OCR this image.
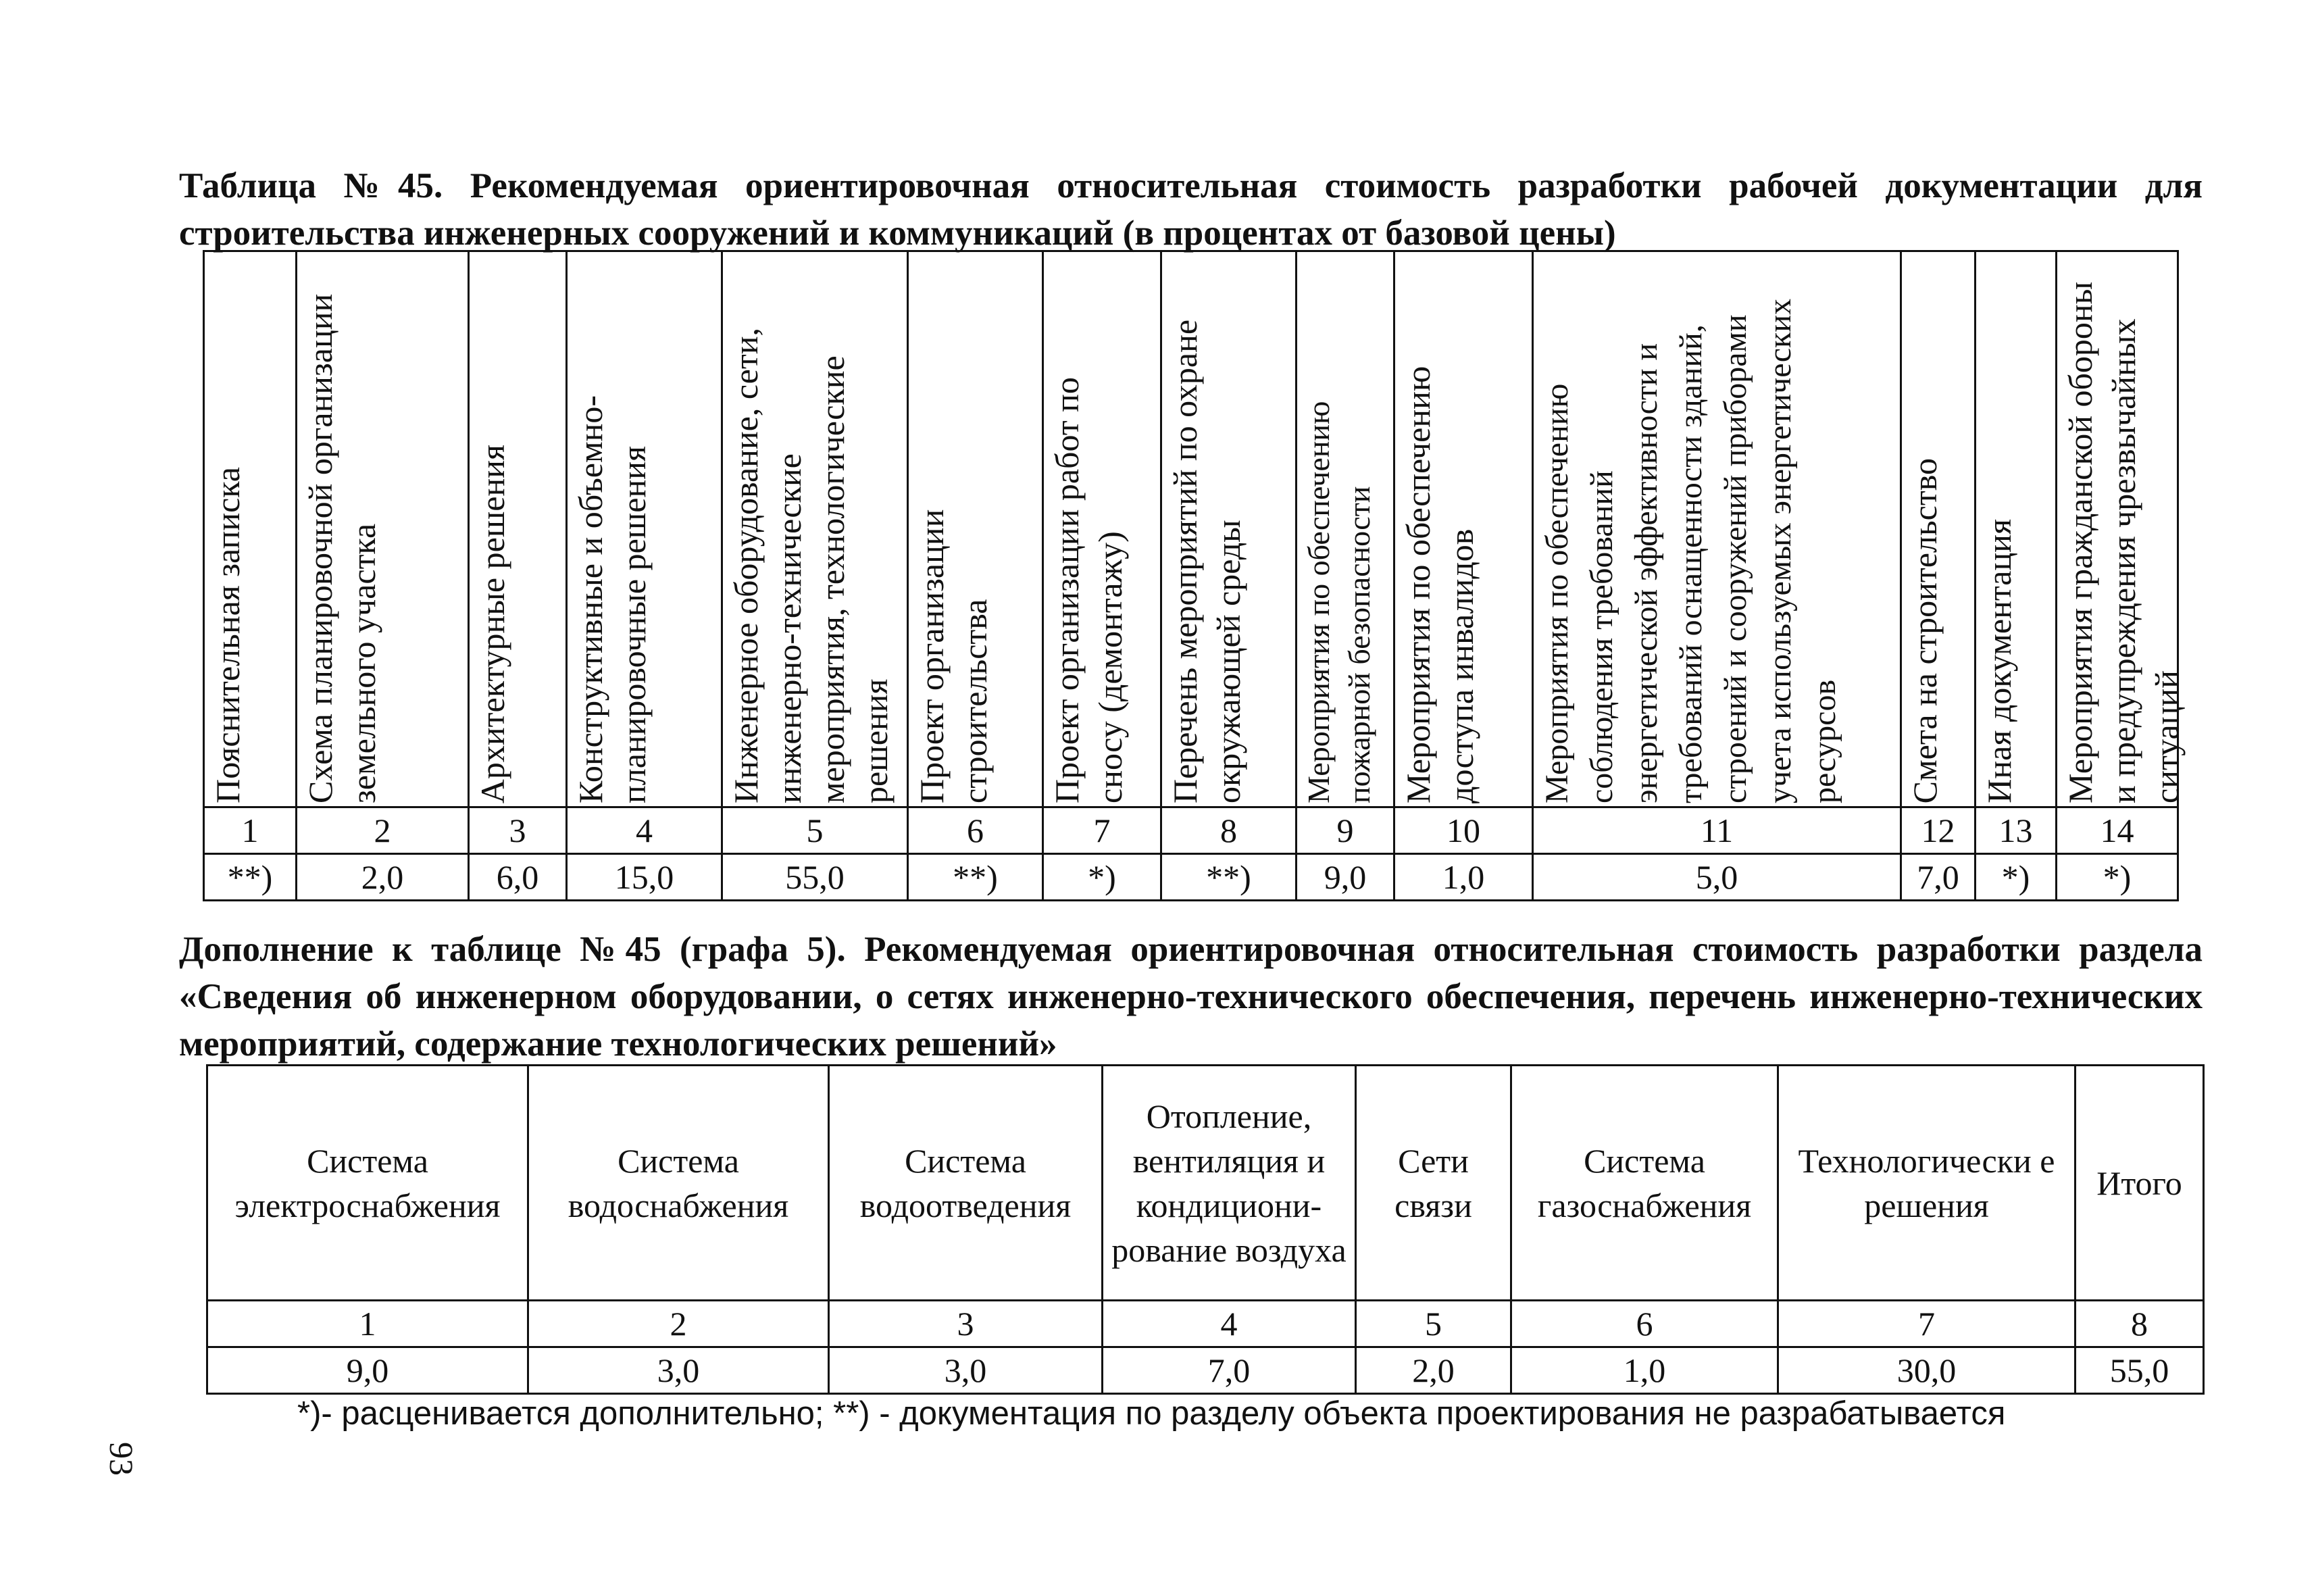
Таблица №45. Рекомендуемая ориентировочная относительная стоимость разработки рабочей документации для строительства инженерных сооружений и коммуникаций (в процентах от базовой цены)

Пояснительная записка	Схема планировочной организации земельного участка	Архитектурные решения	Конструктивные и объемно-планировочные решения	Инженерное оборудование, сети, инженерно-технические мероприятия, технологические решения	Проект организации строительства	Проект организации работ по сносу (демонтажу)	Перечень мероприятий по охране окружающей среды	Мероприятия по обеспечению пожарной безопасности	Мероприятия по обеспечению доступа инвалидов	Мероприятия по обеспечению соблюдения требований энергетической эффективности и требований оснащенности зданий, строений и сооружений приборами учета используемых энергетических ресурсов	Смета на строительство	Иная документация	Мероприятия гражданской обороны и предупреждения чрезвычайных ситуаций

1	2	3	4	5	6	7	8	9	10	11	12	13	14
**)	2,0	6,0	15,0	55,0	**)	*)	**)	9,0	1,0	5,0	7,0	*)	*)

Дополнение к таблице №45 (графа 5). Рекомендуемая ориентировочная относительная стоимость разработки раздела «Сведения об инженерном оборудовании, о сетях инженерно-технического обеспечения, перечень инженерно-технических мероприятий, содержание технологических решений»

Система электроснабжения	Система водоснабжения	Система водоотведения	Отопление, вентиляция и кондициони-рование воздуха	Сети связи	Система газоснабжения	Технологически е решения	Итого
1	2	3	4	5	6	7	8
9,0	3,0	3,0	7,0	2,0	1,0	30,0	55,0

*)- расценивается дополнительно; **) - документация по разделу объекта проектирования не разрабатывается

93
